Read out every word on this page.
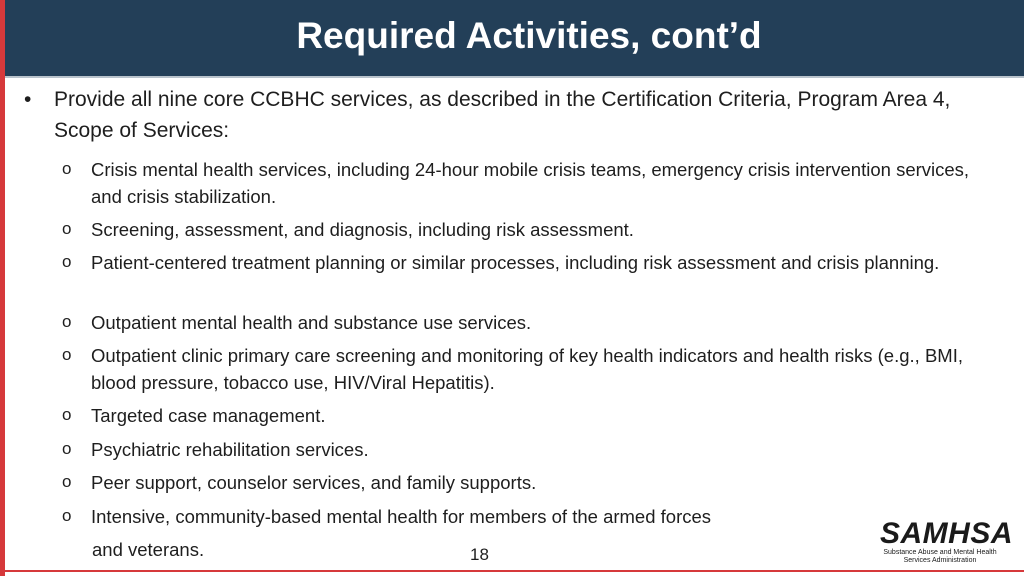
Required Activities, cont’d
• Provide all nine core CCBHC services, as described in the Certification Criteria, Program Area 4, Scope of Services:
o Crisis mental health services, including 24-hour mobile crisis teams, emergency crisis intervention services, and crisis stabilization.
o Screening, assessment, and diagnosis, including risk assessment.
o Patient-centered treatment planning or similar processes, including risk assessment and crisis planning.
o Outpatient mental health and substance use services.
o Outpatient clinic primary care screening and monitoring of key health indicators and health risks (e.g., BMI, blood pressure, tobacco use, HIV/Viral Hepatitis).
o Targeted case management.
o Psychiatric rehabilitation services.
o Peer support, counselor services, and family supports.
o Intensive, community-based mental health for members of the armed forces
and veterans.	18
SAMHSA
Substance Abuse and Mental Health
Services Administration
